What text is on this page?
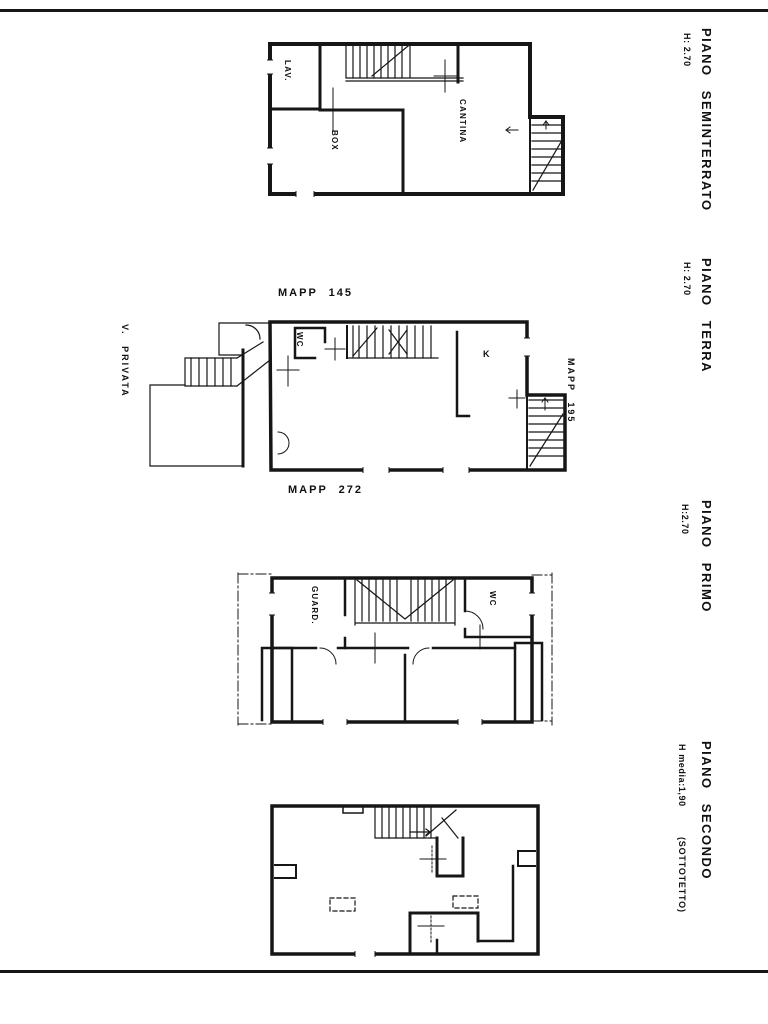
PIANO SEMINTERRATO
H: 2.70
PIANO TERRA
H: 2.70
PIANO PRIMO
H:2.70
PIANO SECONDO
H media:1,90
(SOTTOTETTO)
MAPP 145
MAPP 272
MAPP 195
V. PRIVATA
LAV.
BOX	CANTINA
WC
K
GUARD.	WC
